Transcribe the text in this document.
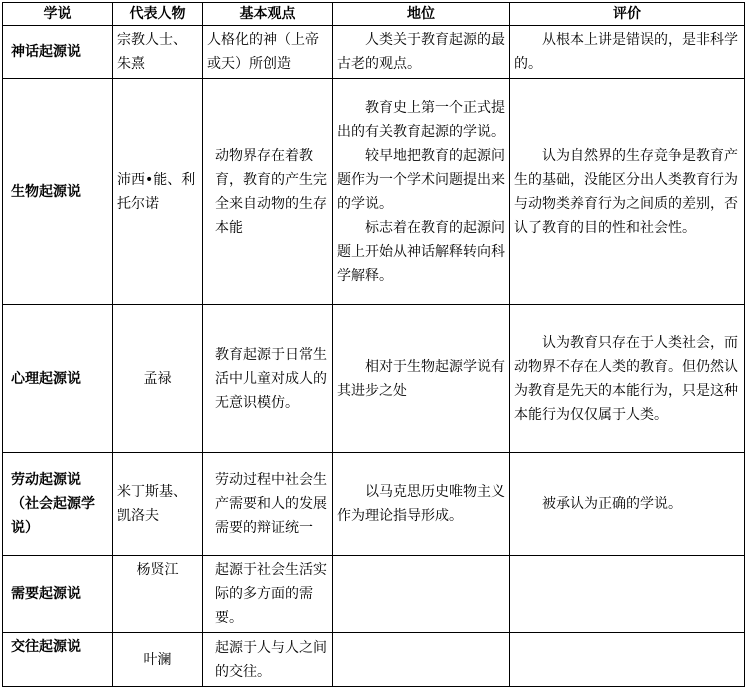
学说	代表人物	基本观点	地位	评价
神话起源说	宗教人士、朱熹	人格化的神（上帝或天）所创造	人类关于教育起源的最古老的观点。	从根本上讲是错误的，是非科学的。

生物起源说	沛西•能、利托尔诺	动物界存在着教育，教育的产生完全来自动物的生存本能	教育史上第一个正式提出的有关教育起源的学说。
较早地把教育的起源问题作为一个学术问题提出来的学说。
标志着在教育的起源问题上开始从神话解释转向科学解释。	认为自然界的生存竞争是教育产生的基础，没能区分出人类教育行为与动物类养育行为之间质的差别，否认了教育的目的性和社会性。

心理起源说	孟禄	教育起源于日常生活中儿童对成人的无意识模仿。	相对于生物起源学说有其进步之处	认为教育只存在于人类社会，而动物界不存在人类的教育。但仍然认为教育是先天的本能行为，只是这种本能行为仅仅属于人类。

劳动起源说（社会起源学说）	米丁斯基、凯洛夫	劳动过程中社会生产需要和人的发展需要的辩证统一	以马克思历史唯物主义作为理论指导形成。	被承认为正确的学说。

需要起源说	杨贤江	起源于社会生活实际的多方面的需要。		
交往起源说	叶澜	起源于人与人之间的交往。		
